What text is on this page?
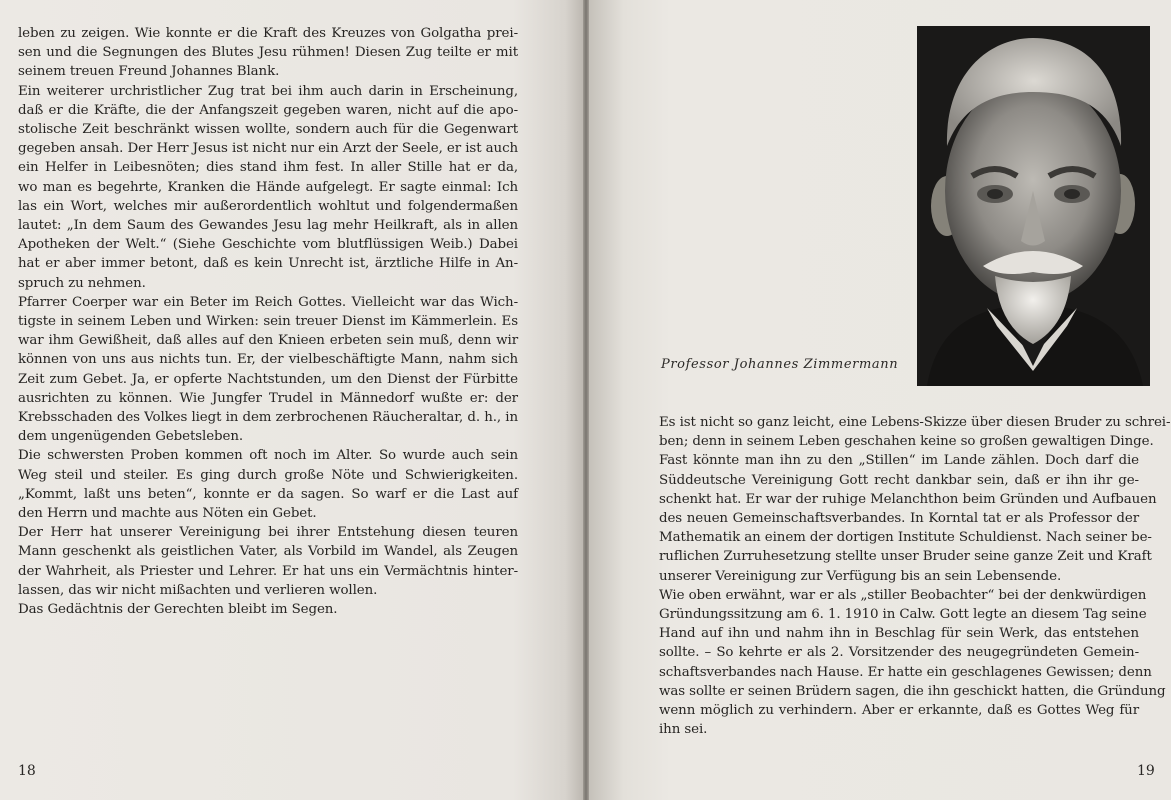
leben zu zeigen. Wie konnte er die Kraft des Kreuzes von Golgatha prei-
sen und die Segnungen des Blutes Jesu rühmen! Diesen Zug teilte er mit
seinem treuen Freund Johannes Blank.

Ein weiterer urchristlicher Zug trat bei ihm auch darin in Erscheinung,
daß er die Kräfte, die der Anfangszeit gegeben waren, nicht auf die apo-
stolische Zeit beschränkt wissen wollte, sondern auch für die Gegenwart
gegeben ansah. Der Herr Jesus ist nicht nur ein Arzt der Seele, er ist auch
ein Helfer in Leibesnöten; dies stand ihm fest. In aller Stille hat er da,
wo man es begehrte, Kranken die Hände aufgelegt. Er sagte einmal: Ich
las ein Wort, welches mir außerordentlich wohltut und folgendermaßen
lautet: „In dem Saum des Gewandes Jesu lag mehr Heilkraft, als in allen
Apotheken der Welt.“ (Siehe Geschichte vom blutflüssigen Weib.) Dabei
hat er aber immer betont, daß es kein Unrecht ist, ärztliche Hilfe in An-
spruch zu nehmen.

Pfarrer Coerper war ein Beter im Reich Gottes. Vielleicht war das Wich-
tigste in seinem Leben und Wirken: sein treuer Dienst im Kämmerlein. Es
war ihm Gewißheit, daß alles auf den Knieen erbeten sein muß, denn wir
können von uns aus nichts tun. Er, der vielbeschäftigte Mann, nahm sich
Zeit zum Gebet. Ja, er opferte Nachtstunden, um den Dienst der Fürbitte
ausrichten zu können. Wie Jungfer Trudel in Männedorf wußte er: der
Krebsschaden des Volkes liegt in dem zerbrochenen Räucheraltar, d. h., in
dem ungenügenden Gebetsleben.

Die schwersten Proben kommen oft noch im Alter. So wurde auch sein
Weg steil und steiler. Es ging durch große Nöte und Schwierigkeiten.
„Kommt, laßt uns beten“, konnte er da sagen. So warf er die Last auf
den Herrn und machte aus Nöten ein Gebet.

Der Herr hat unserer Vereinigung bei ihrer Entstehung diesen teuren
Mann geschenkt als geistlichen Vater, als Vorbild im Wandel, als Zeugen
der Wahrheit, als Priester und Lehrer. Er hat uns ein Vermächtnis hinter-
lassen, das wir nicht mißachten und verlieren wollen.

Das Gedächtnis der Gerechten bleibt im Segen.

18
Professor Johannes Zimmermann

Es ist nicht so ganz leicht, eine Lebens-Skizze über diesen Bruder zu schrei-
ben; denn in seinem Leben geschahen keine so großen gewaltigen Dinge.
Fast könnte man ihn zu den „Stillen“ im Lande zählen. Doch darf die
Süddeutsche Vereinigung Gott recht dankbar sein, daß er ihn ihr ge-
schenkt hat. Er war der ruhige Melanchthon beim Gründen und Aufbauen
des neuen Gemeinschaftsverbandes. In Korntal tat er als Professor der
Mathematik an einem der dortigen Institute Schuldienst. Nach seiner be-
ruflichen Zurruhesetzung stellte unser Bruder seine ganze Zeit und Kraft
unserer Vereinigung zur Verfügung bis an sein Lebensende.

Wie oben erwähnt, war er als „stiller Beobachter“ bei der denkwürdigen
Gründungssitzung am 6. 1. 1910 in Calw. Gott legte an diesem Tag seine
Hand auf ihn und nahm ihn in Beschlag für sein Werk, das entstehen
sollte. – So kehrte er als 2. Vorsitzender des neugegründeten Gemein-
schaftsverbandes nach Hause. Er hatte ein geschlagenes Gewissen; denn
was sollte er seinen Brüdern sagen, die ihn geschickt hatten, die Gründung
wenn möglich zu verhindern. Aber er erkannte, daß es Gottes Weg für
ihn sei.

19
